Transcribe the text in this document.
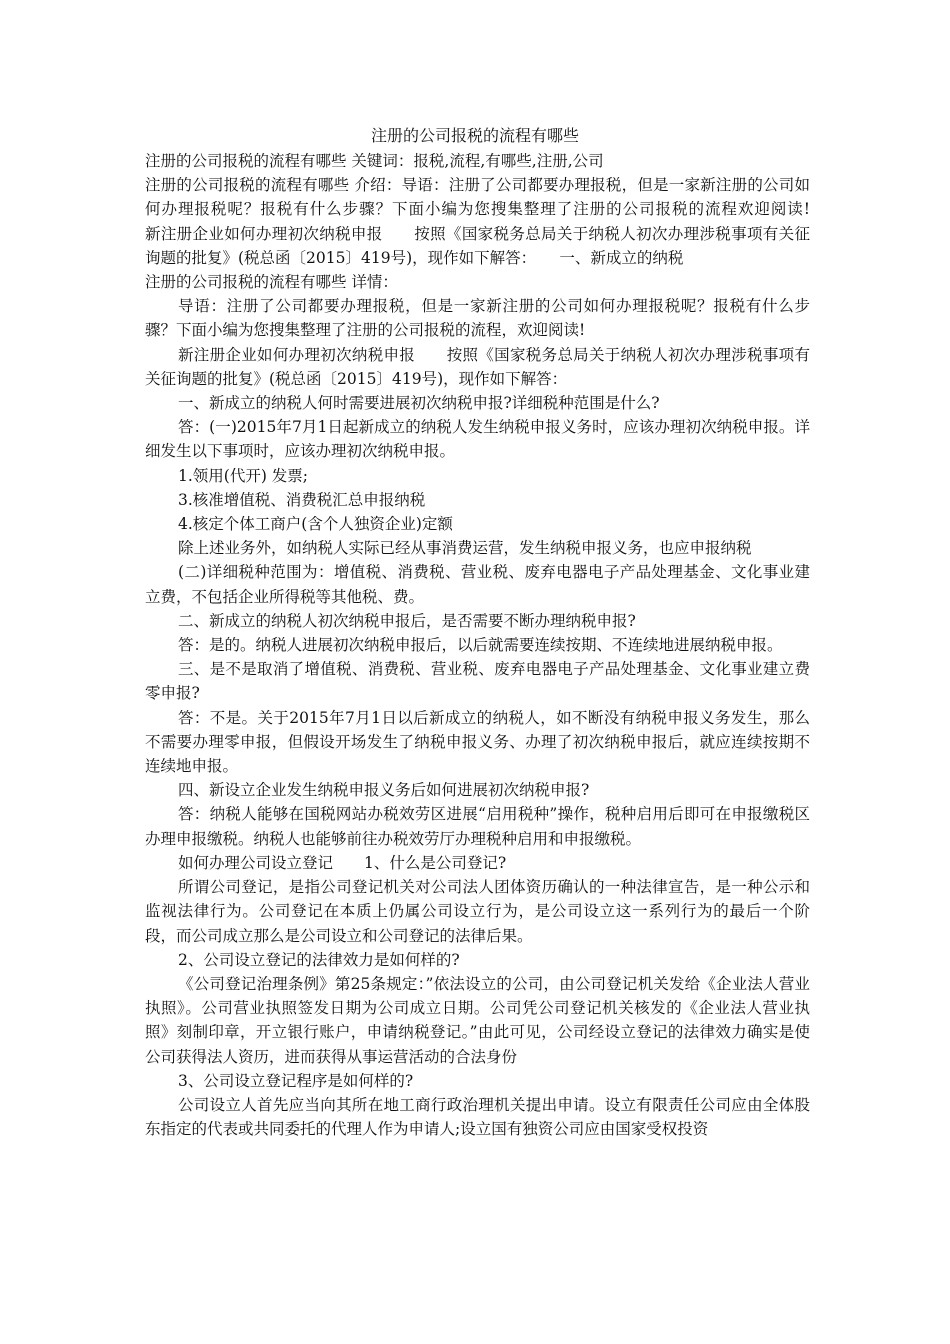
注册的公司报税的流程有哪些

注册的公司报税的流程有哪些 关键词：报税,流程,有哪些,注册,公司

注册的公司报税的流程有哪些 介绍：导语：注册了公司都要办理报税，但是一家新注册的公司如何办理报税呢？报税有什么步骤？下面小编为您搜集整理了注册的公司报税的流程欢迎阅读!　　新注册企业如何办理初次纳税申报　　按照《国家税务总局关于纳税人初次办理涉税事项有关征询题的批复》(税总函〔2015〕419号)，现作如下解答：　　一、新成立的纳税

注册的公司报税的流程有哪些 详情：

导语：注册了公司都要办理报税，但是一家新注册的公司如何办理报税呢？报税有什么步骤？下面小编为您搜集整理了注册的公司报税的流程，欢迎阅读!

新注册企业如何办理初次纳税申报　　按照《国家税务总局关于纳税人初次办理涉税事项有关征询题的批复》(税总函〔2015〕419号)，现作如下解答：

一、新成立的纳税人何时需要进展初次纳税申报?详细税种范围是什么?

答：(一)2015年7月1日起新成立的纳税人发生纳税申报义务时，应该办理初次纳税申报。详细发生以下事项时，应该办理初次纳税申报。

1.领用(代开) 发票;

3.核准增值税、消费税汇总申报纳税

4.核定个体工商户(含个人独资企业)定额

除上述业务外，如纳税人实际已经从事消费运营，发生纳税申报义务，也应申报纳税

(二)详细税种范围为：增值税、消费税、营业税、废弃电器电子产品处理基金、文化事业建立费，不包括企业所得税等其他税、费。

二、新成立的纳税人初次纳税申报后，是否需要不断办理纳税申报?

答：是的。纳税人进展初次纳税申报后，以后就需要连续按期、不连续地进展纳税申报。

三、是不是取消了增值税、消费税、营业税、废弃电器电子产品处理基金、文化事业建立费零申报?

答：不是。关于2015年7月1日以后新成立的纳税人，如不断没有纳税申报义务发生，那么不需要办理零申报，但假设开场发生了纳税申报义务、办理了初次纳税申报后，就应连续按期不连续地申报。

四、新设立企业发生纳税申报义务后如何进展初次纳税申报?

答：纳税人能够在国税网站办税效劳区进展“启用税种”操作，税种启用后即可在申报缴税区办理申报缴税。纳税人也能够前往办税效劳厅办理税种启用和申报缴税。

如何办理公司设立登记　　1、什么是公司登记?

所谓公司登记，是指公司登记机关对公司法人团体资历确认的一种法律宣告，是一种公示和监视法律行为。公司登记在本质上仍属公司设立行为，是公司设立这一系列行为的最后一个阶段，而公司成立那么是公司设立和公司登记的法律后果。

2、公司设立登记的法律效力是如何样的?

《公司登记治理条例》第25条规定：”依法设立的公司，由公司登记机关发给《企业法人营业执照》。公司营业执照签发日期为公司成立日期。公司凭公司登记机关核发的《企业法人营业执照》刻制印章，开立银行账户，申请纳税登记。”由此可见，公司经设立登记的法律效力确实是使公司获得法人资历，进而获得从事运营活动的合法身份

3、公司设立登记程序是如何样的?

公司设立人首先应当向其所在地工商行政治理机关提出申请。设立有限责任公司应由全体股东指定的代表或共同委托的代理人作为申请人;设立国有独资公司应由国家受权投资
